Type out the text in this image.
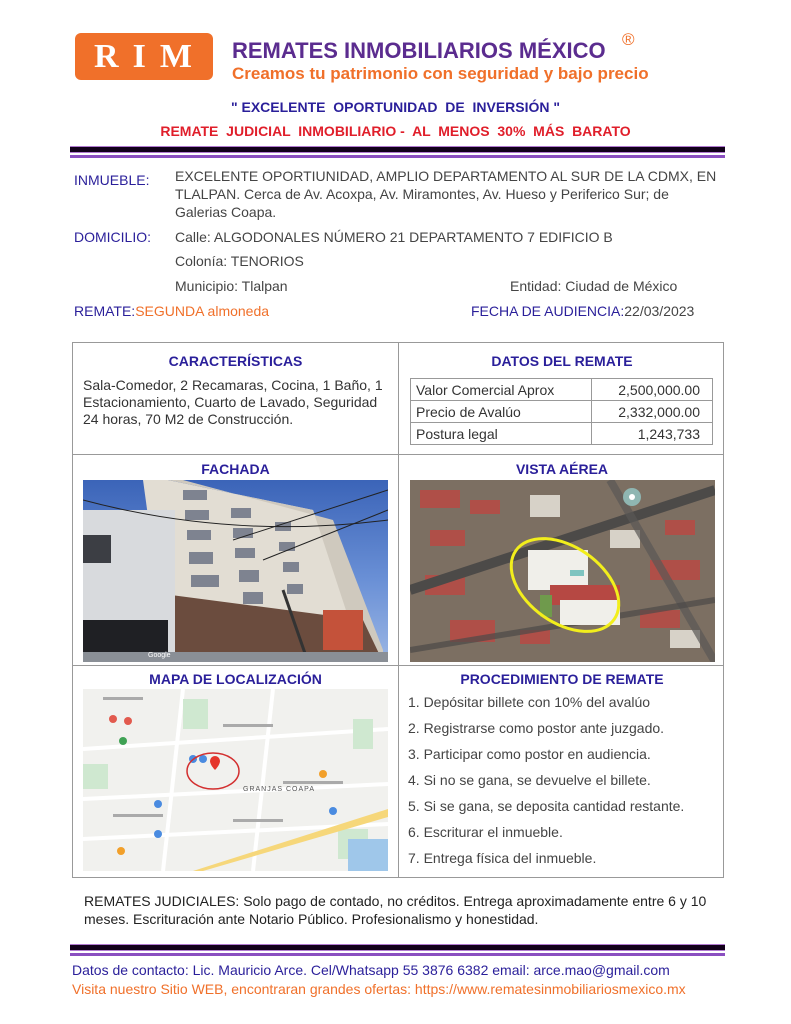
RIM	REMATES INMOBILIARIOS MÉXICO ®
Creamos tu patrimonio con seguridad y bajo precio
" EXCELENTE  OPORTUNIDAD  DE  INVERSIÓN "
REMATE  JUDICIAL  INMOBILIARIO -  AL  MENOS  30%  MÁS  BARATO
INMUEBLE: EXCELENTE OPORTIUNIDAD, AMPLIO DEPARTAMENTO AL SUR DE LA CDMX, EN TLALPAN. Cerca de Av. Acoxpa, Av. Miramontes, Av. Hueso y Periferico Sur; de Galerias Coapa.
DOMICILIO: Calle: ALGODONALES NÚMERO 21 DEPARTAMENTO 7 EDIFICIO B
Colonía: TENORIOS
Municipio: Tlalpan	Entidad: Ciudad de México
REMATE:SEGUNDA almoneda	FECHA DE AUDIENCIA:22/03/2023
CARACTERÍSTICAS
Sala-Comedor, 2 Recamaras, Cocina, 1 Baño, 1 Estacionamiento, Cuarto de Lavado, Seguridad 24 horas, 70 M2 de Construcción.
DATOS DEL REMATE
Valor Comercial Aprox	2,500,000.00
Precio de Avalúo	2,332,000.00
Postura legal	1,243,733
FACHADA
Google
VISTA AÉREA
MAPA DE LOCALIZACIÓN
GRANJAS COAPA
PROCEDIMIENTO DE REMATE
1. Depósitar billete con 10% del avalúo
2. Registrarse como postor ante juzgado.
3. Participar como postor en audiencia.
4. Si no se gana, se devuelve el billete.
5. Si se gana, se deposita cantidad restante.
6. Escriturar el inmueble.
7. Entrega física del inmueble.
REMATES JUDICIALES: Solo pago de contado, no créditos. Entrega aproximadamente entre 6 y 10 meses. Escrituración ante Notario Público. Profesionalismo y honestidad.
Datos de contacto: Lic. Mauricio Arce. Cel/Whatsapp 55 3876 6382 email: arce.mao@gmail.com
Visita nuestro Sitio WEB, encontraran grandes ofertas: https://www.rematesinmobiliariosmexico.mx
